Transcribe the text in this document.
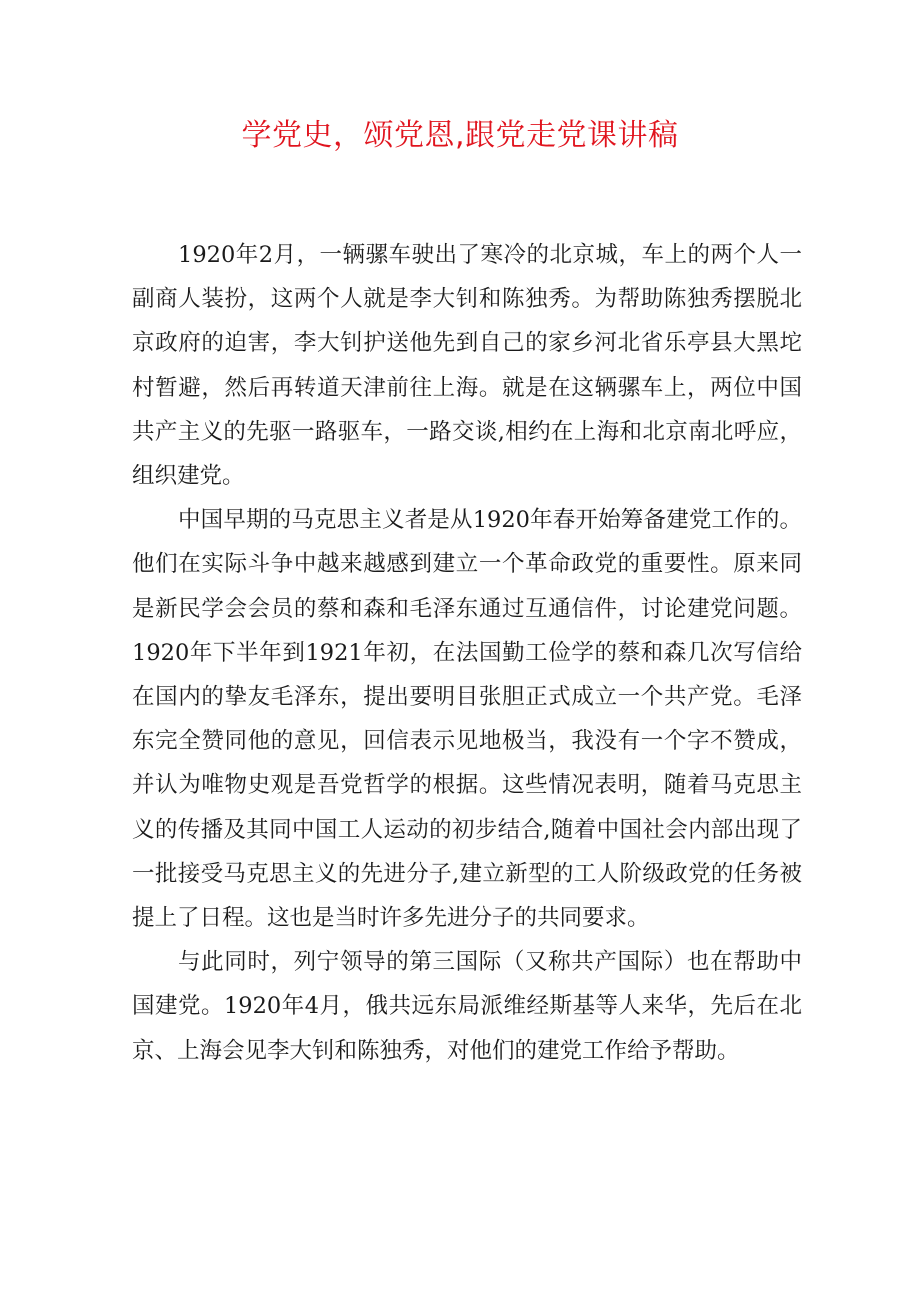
学党史，颂党恩,跟党走党课讲稿

1920年2月，一辆骡车驶出了寒冷的北京城，车上的两个人一副商人装扮，这两个人就是李大钊和陈独秀。为帮助陈独秀摆脱北京政府的迫害，李大钊护送他先到自己的家乡河北省乐亭县大黑坨村暂避，然后再转道天津前往上海。就是在这辆骡车上，两位中国共产主义的先驱一路驱车，一路交谈,相约在上海和北京南北呼应，组织建党。

中国早期的马克思主义者是从1920年春开始筹备建党工作的。他们在实际斗争中越来越感到建立一个革命政党的重要性。原来同是新民学会会员的蔡和森和毛泽东通过互通信件，讨论建党问题。1920年下半年到1921年初，在法国勤工俭学的蔡和森几次写信给在国内的挚友毛泽东，提出要明目张胆正式成立一个共产党。毛泽东完全赞同他的意见，回信表示见地极当，我没有一个字不赞成，并认为唯物史观是吾党哲学的根据。这些情况表明，随着马克思主义的传播及其同中国工人运动的初步结合,随着中国社会内部出现了一批接受马克思主义的先进分子,建立新型的工人阶级政党的任务被提上了日程。这也是当时许多先进分子的共同要求。

与此同时，列宁领导的第三国际（又称共产国际）也在帮助中国建党。1920年4月，俄共远东局派维经斯基等人来华，先后在北京、上海会见李大钊和陈独秀，对他们的建党工作给予帮助。
